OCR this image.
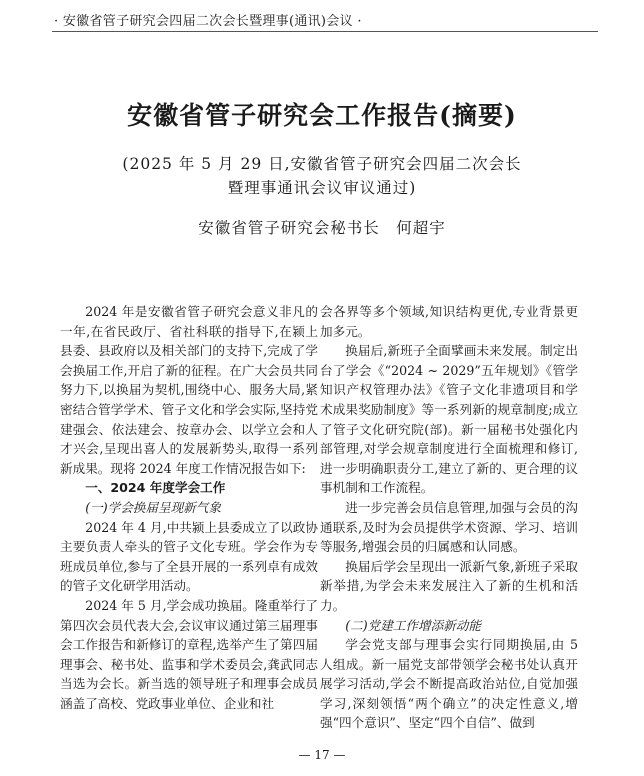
· 安徽省管子研究会四届二次会长暨理事(通讯)会议 ·
安徽省管子研究会工作报告(摘要)
(2025 年 5 月 29 日,安徽省管子研究会四届二次会长
暨理事通讯会议审议通过)
安徽省管子研究会秘书长　何超宇

2024 年是安徽省管子研究会意义非凡的一年,在省民政厅、省社科联的指导下,在颍上县委、县政府以及相关部门的支持下,完成了学会换届工作,开启了新的征程。在广大会员共同努力下,以换届为契机,围绕中心、服务大局,紧密结合管学学术、管子文化和学会实际,坚持党建强会、依法建会、按章办会、以学立会和人才兴会,呈现出喜人的发展新势头,取得一系列新成果。现将 2024 年度工作情况报告如下:

一、2024 年度学会工作

(一)学会换届呈现新气象

2024 年 4 月,中共颍上县委成立了以政协主要负责人牵头的管子文化专班。学会作为专班成员单位,参与了全县开展的一系列卓有成效的管子文化研学用活动。

2024 年 5 月,学会成功换届。隆重举行了第四次会员代表大会,会议审议通过第三届理事会工作报告和新修订的章程,选举产生了第四届理事会、秘书处、监事和学术委员会,龚武同志当选为会长。新当选的领导班子和理事会成员涵盖了高校、党政事业单位、企业和社

会各界等多个领域,知识结构更优,专业背景更加多元。

换届后,新班子全面擘画未来发展。制定出台了学会《“2024 ~ 2029”五年规划》《管学知识产权管理办法》《管子文化非遗项目和学术成果奖励制度》等一系列新的规章制度;成立了管子文化研究院(部)。新一届秘书处强化内部管理,对学会规章制度进行全面梳理和修订,进一步明确职责分工,建立了新的、更合理的议事机制和工作流程。

进一步完善会员信息管理,加强与会员的沟通联系,及时为会员提供学术资源、学习、培训等服务,增强会员的归属感和认同感。

换届后学会呈现出一派新气象,新班子采取新举措,为学会未来发展注入了新的生机和活力。

(二)党建工作增添新动能

学会党支部与理事会实行同期换届,由 5 人组成。新一届党支部带领学会秘书处认真开展学习活动,学会不断提高政治站位,自觉加强学习,深刻领悟“两个确立”的决定性意义,增强“四个意识”、坚定“四个自信”、做到

— 17 —
